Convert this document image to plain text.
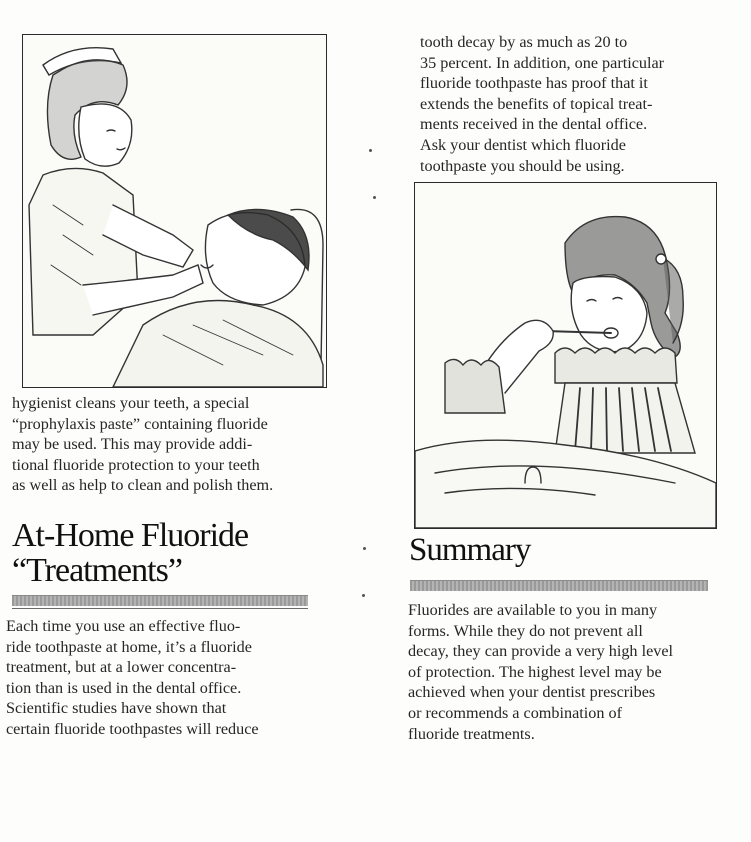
hygienist cleans your teeth, a special
“prophylaxis paste” containing fluoride
may be used. This may provide addi-
tional fluoride protection to your teeth
as well as help to clean and polish them.
At-Home Fluoride
“Treatments”
Each time you use an effective fluo-
ride toothpaste at home, it’s a fluoride
treatment, but at a lower concentra-
tion than is used in the dental office.
Scientific studies have shown that
certain fluoride toothpastes will reduce
tooth decay by as much as 20 to
35 percent. In addition, one particular
fluoride toothpaste has proof that it
extends the benefits of topical treat-
ments received in the dental office.
Ask your dentist which fluoride
toothpaste you should be using.
Summary
Fluorides are available to you in many
forms. While they do not prevent all
decay, they can provide a very high level
of protection. The highest level may be
achieved when your dentist prescribes
or recommends a combination of
fluoride treatments.
